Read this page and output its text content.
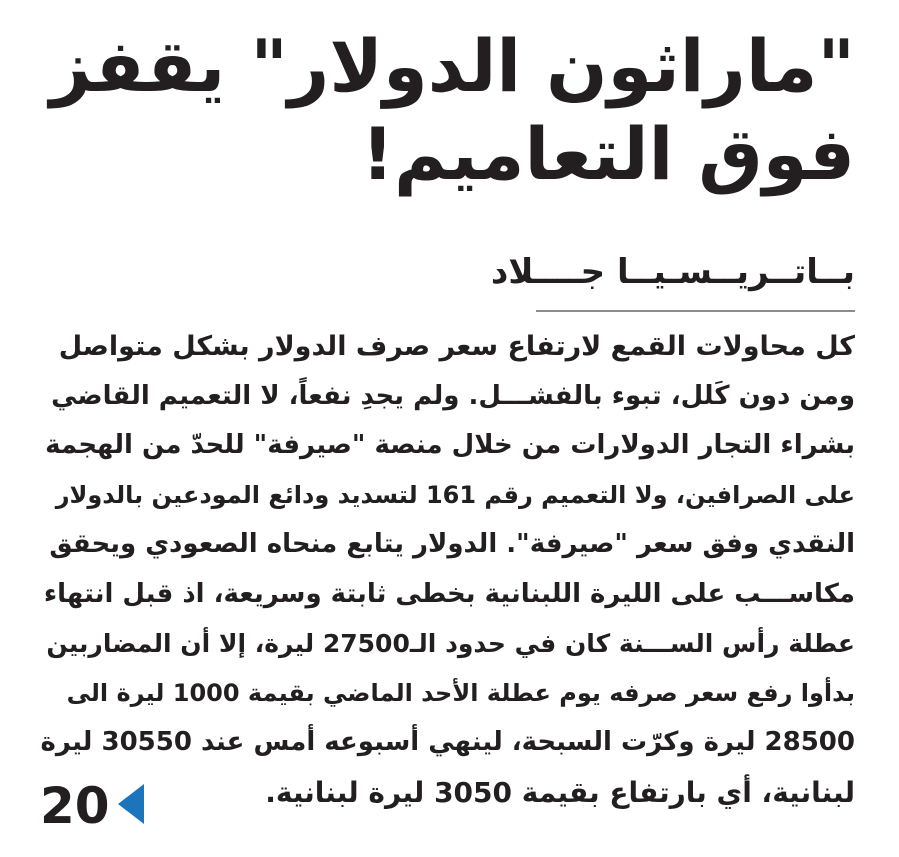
"ماراثون الدولار" يقفز
فوق التعاميم!
بــاتــريــسـيــا جــــلاد
كل محاولات القمع لارتفاع سعر صرف الدولار بشكل متواصل
ومن دون كَلل، تبوء بالفشـــل. ولم يجدِ نفعاً، لا التعميم القاضي
بشراء التجار الدولارات من خلال منصة "صيرفة" للحدّ من الهجمة
على الصرافين، ولا التعميم رقم 161 لتسديد ودائع المودعين بالدولار
النقدي وفق سعر "صيرفة". الدولار يتابع منحاه الصعودي ويحقق
مكاســـب على الليرة اللبنانية بخطى ثابتة وسريعة، اذ قبل انتهاء
عطلة رأس الســـنة كان في حدود الـ27500 ليرة، إلا أن المضاربين
بدأوا رفع سعر صرفه يوم عطلة الأحد الماضي بقيمة 1000 ليرة الى
28500 ليرة وكرّت السبحة، لينهي أسبوعه أمس عند 30550 ليرة
لبنانية، أي بارتفاع بقيمة 3050 ليرة لبنانية.
20
